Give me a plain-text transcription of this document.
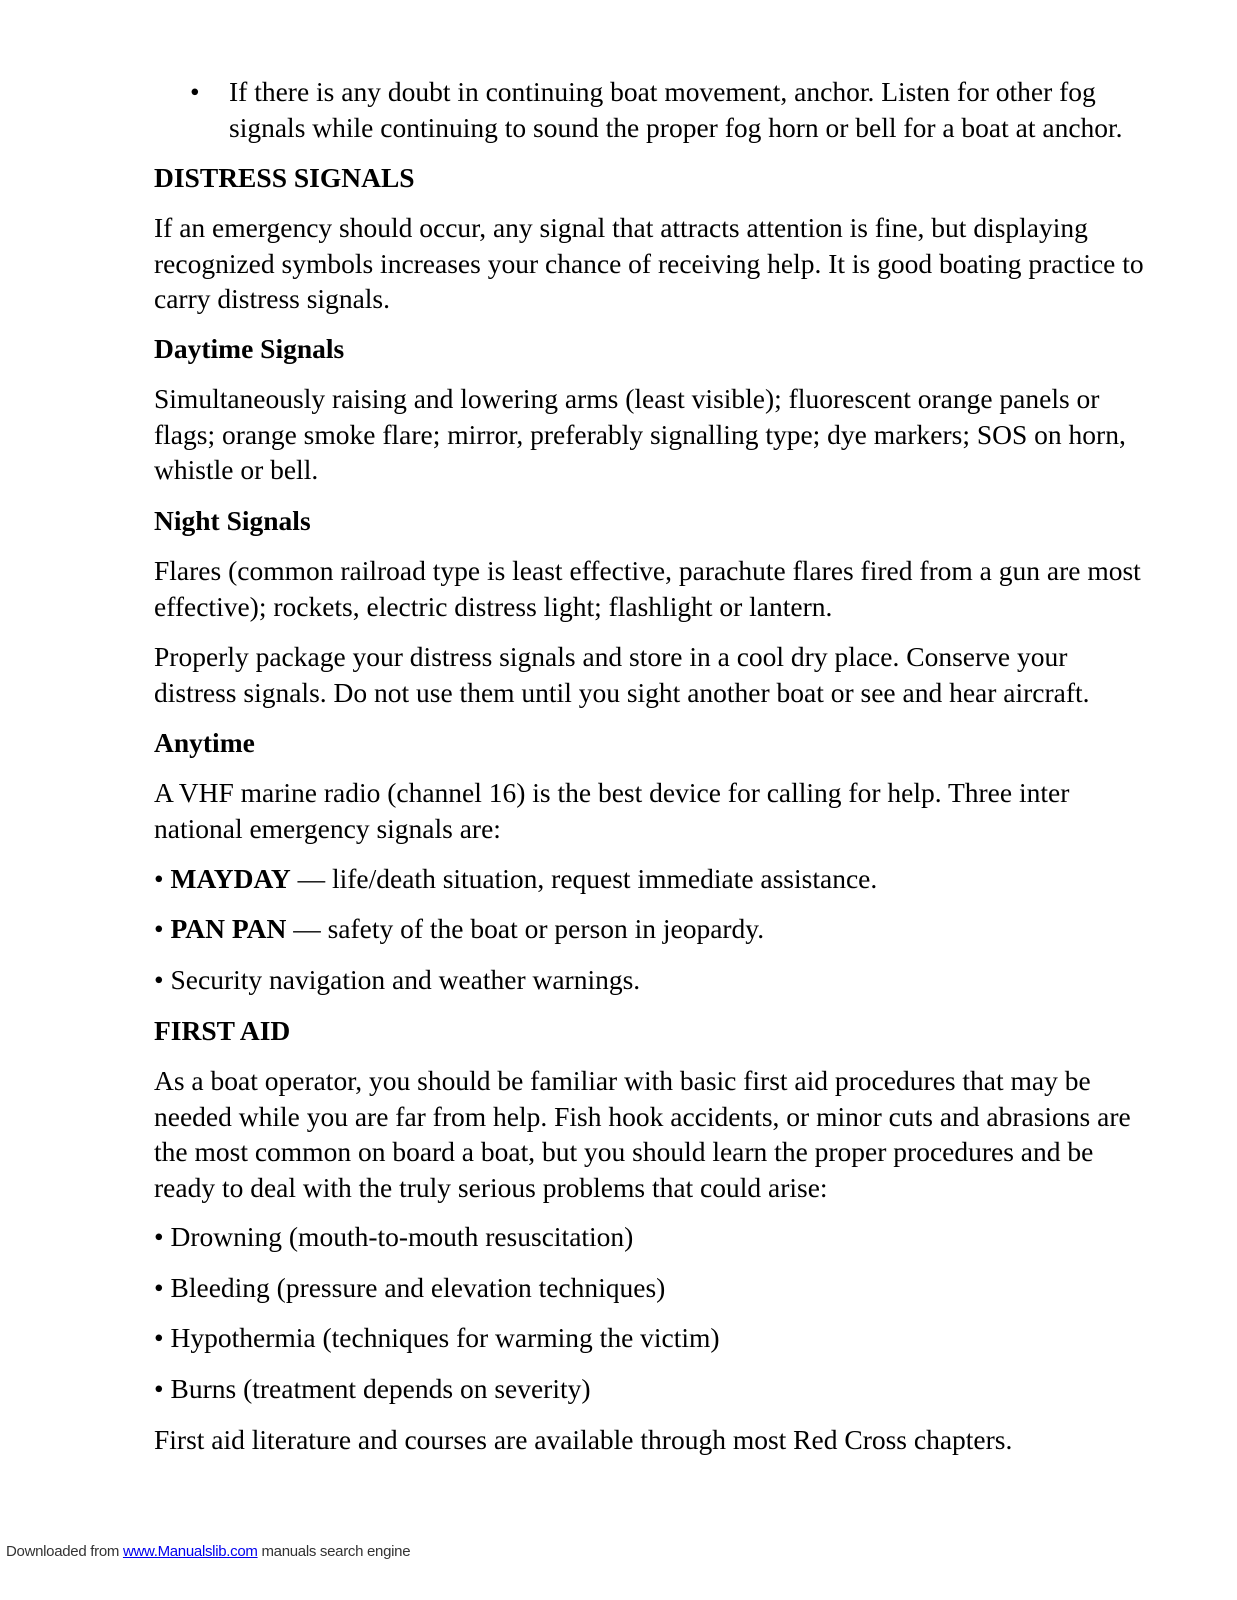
• If there is any doubt in continuing boat movement, anchor. Listen for other fog
signals while continuing to sound the proper fog horn or bell for a boat at anchor.
DISTRESS SIGNALS

If an emergency should occur, any signal that attracts attention is fine, but displaying
recognized symbols increases your chance of receiving help. It is good boating practice to
carry distress signals.

Daytime Signals

Simultaneously raising and lowering arms (least visible); fluorescent orange panels or
flags; orange smoke flare; mirror, preferably signalling type; dye markers; SOS on horn,
whistle or bell.

Night Signals

Flares (common railroad type is least effective, parachute flares fired from a gun are most
effective); rockets, electric distress light; flashlight or lantern.

Properly package your distress signals and store in a cool dry place. Conserve your
distress signals. Do not use them until you sight another boat or see and hear aircraft.

Anytime

A VHF marine radio (channel 16) is the best device for calling for help. Three inter
national emergency signals are:

• MAYDAY — life/death situation, request immediate assistance.

• PAN PAN — safety of the boat or person in jeopardy.

• Security navigation and weather warnings.

FIRST AID

As a boat operator, you should be familiar with basic first aid procedures that may be
needed while you are far from help. Fish hook accidents, or minor cuts and abrasions are
the most common on board a boat, but you should learn the proper procedures and be
ready to deal with the truly serious problems that could arise:

• Drowning (mouth-to-mouth resuscitation)

• Bleeding (pressure and elevation techniques)

• Hypothermia (techniques for warming the victim)

• Burns (treatment depends on severity)

First aid literature and courses are available through most Red Cross chapters.

Downloaded from www.Manualslib.com manuals search engine
